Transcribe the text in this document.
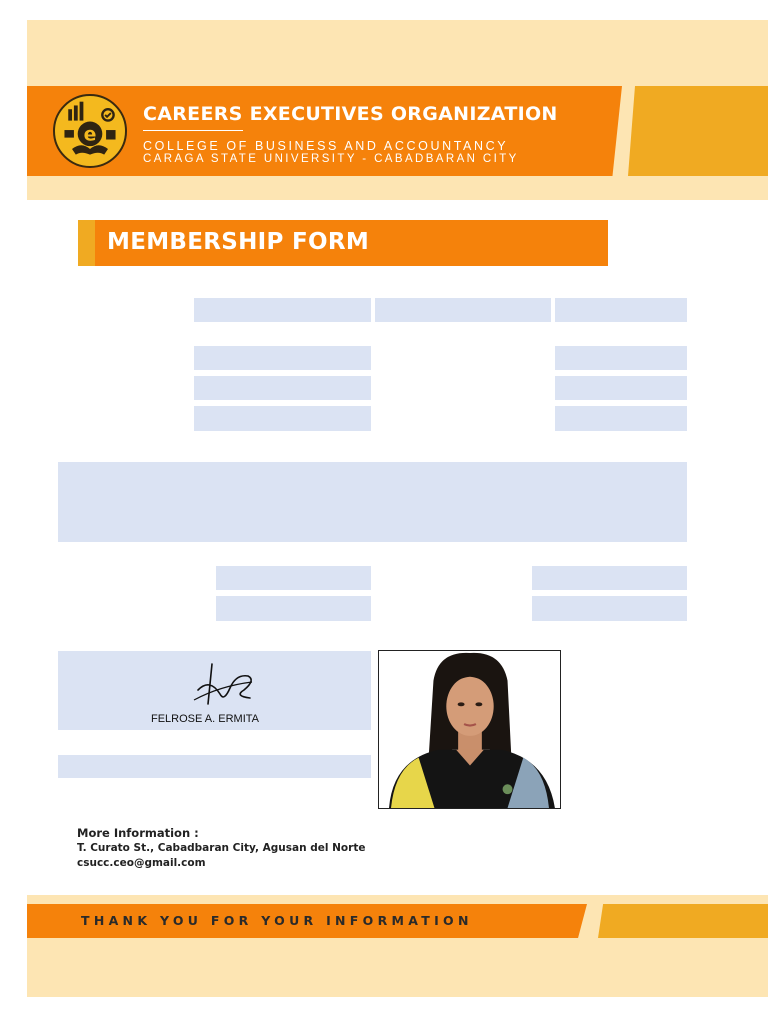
e
CAREERS EXECUTIVES ORGANIZATION
COLLEGE OF BUSINESS AND ACCOUNTANCY
CARAGA STATE UNIVERSITY - CABADBARAN CITY
MEMBERSHIP FORM
FELROSE A. ERMITA
More Information :
T. Curato St., Cabadbaran City, Agusan del Norte
csucc.ceo@gmail.com
THANK YOU FOR YOUR INFORMATION
